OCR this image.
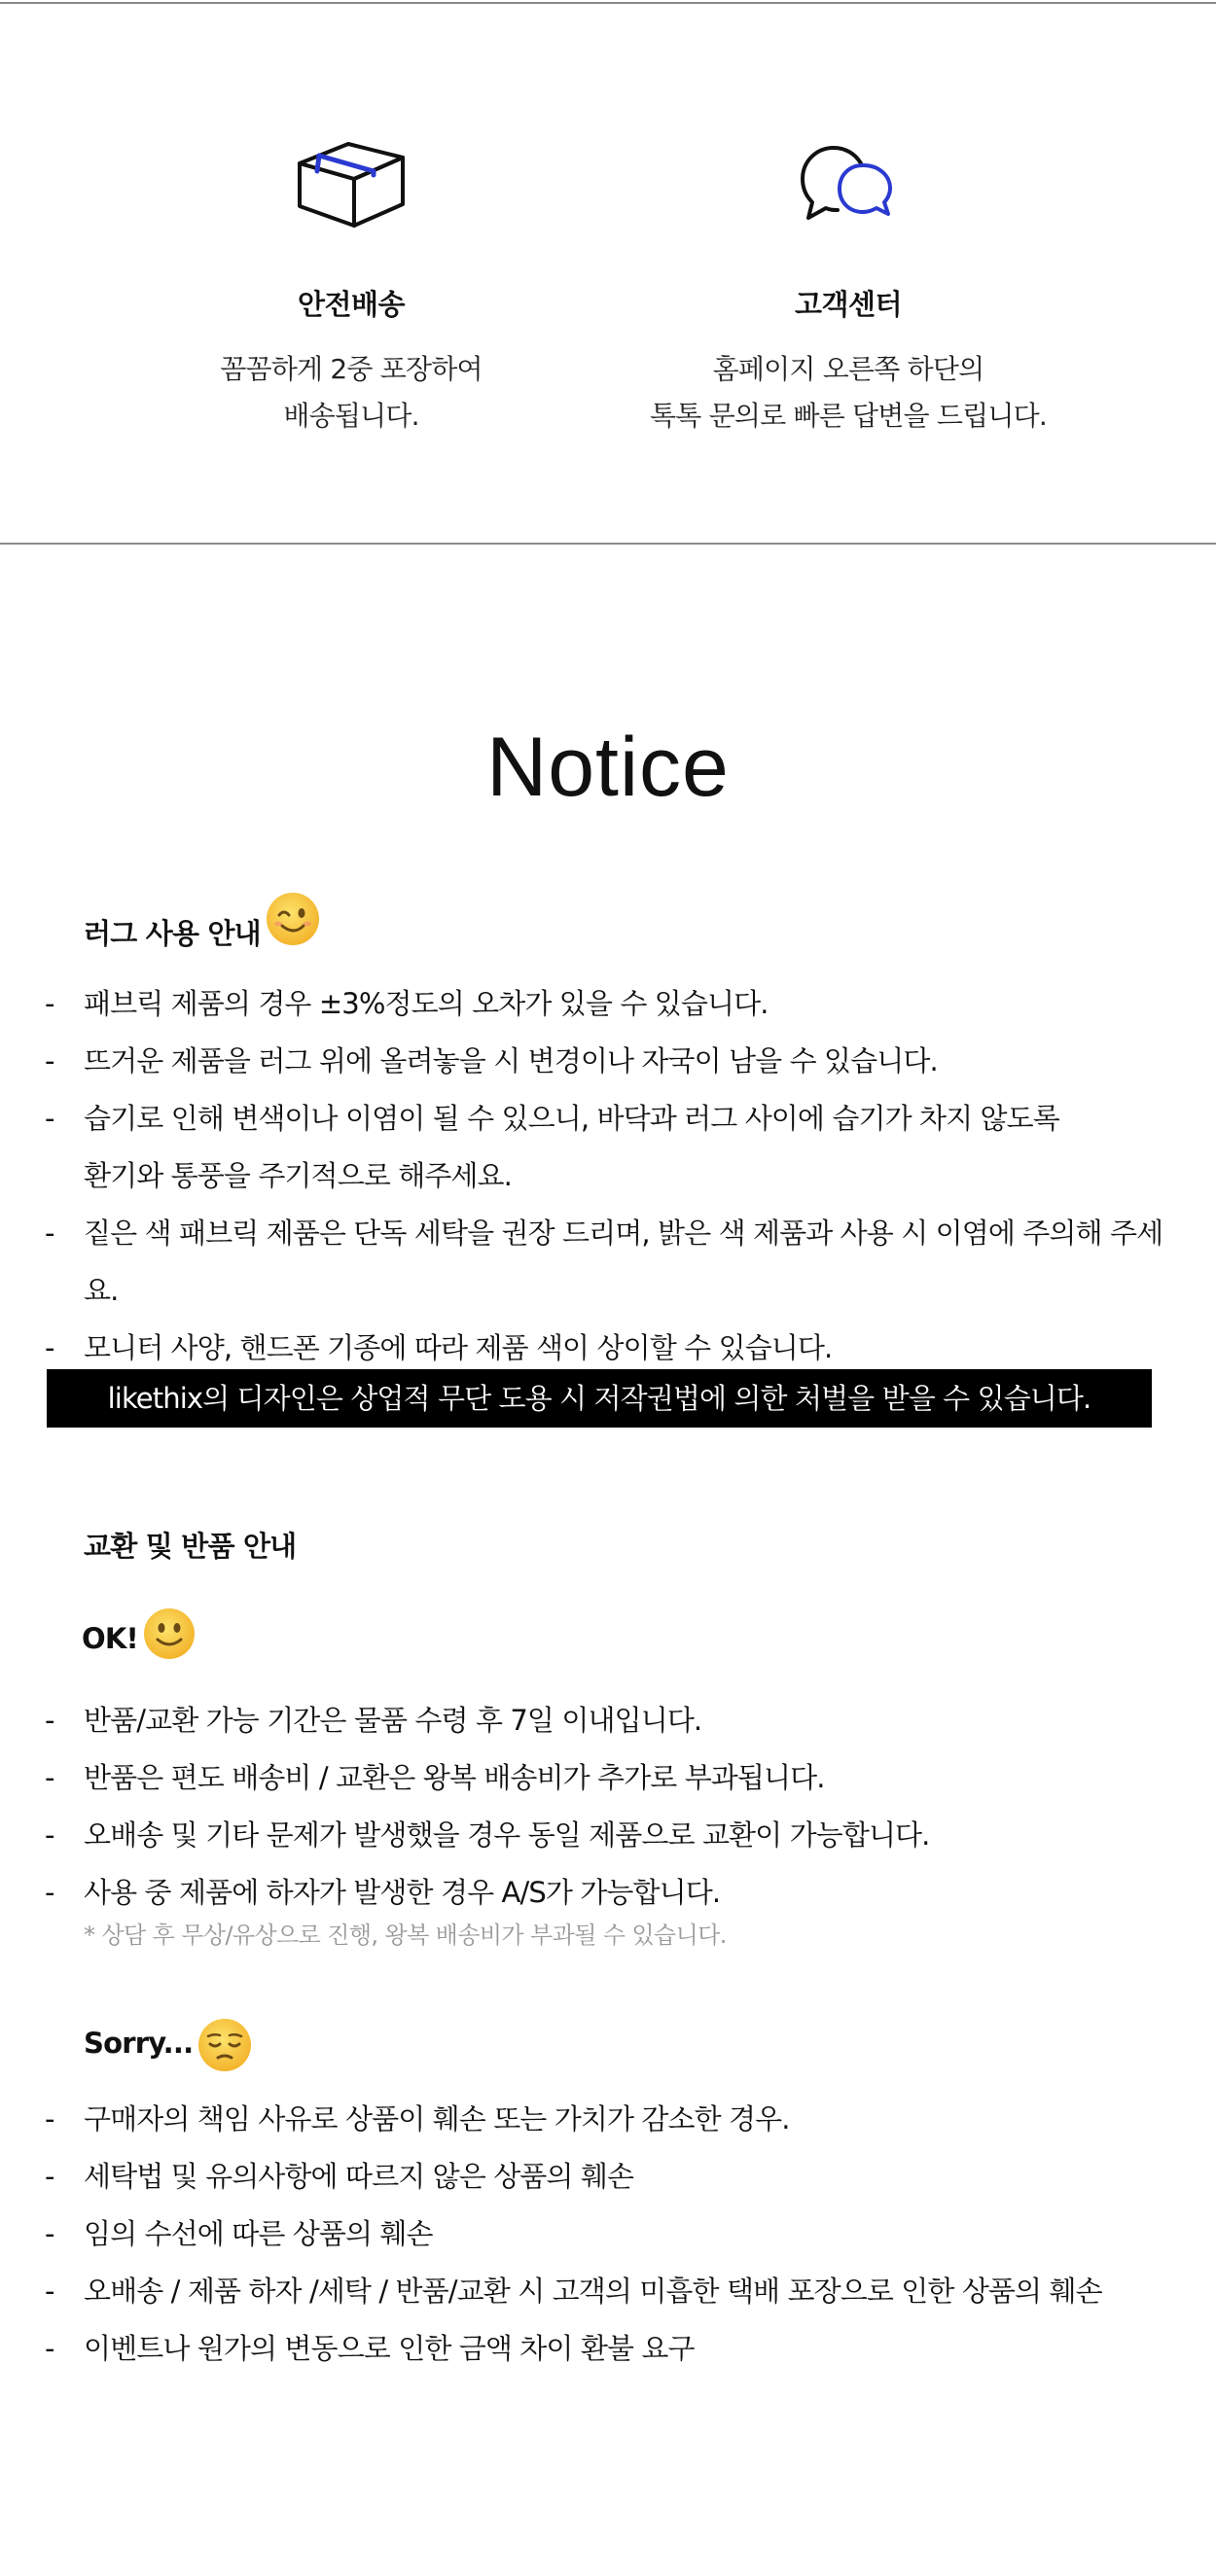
안전배송
꼼꼼하게 2중 포장하여
배송됩니다.
고객센터
홈페이지 오른쪽 하단의
톡톡 문의로 빠른 답변을 드립니다.
Notice
러그 사용 안내
- 패브릭 제품의 경우 ±3%정도의 오차가 있을 수 있습니다.
- 뜨거운 제품을 러그 위에 올려놓을 시 변경이나 자국이 남을 수 있습니다.
- 습기로 인해 변색이나 이염이 될 수 있으니, 바닥과 러그 사이에 습기가 차지 않도록
환기와 통풍을 주기적으로 해주세요.
- 짙은 색 패브릭 제품은 단독 세탁을 권장 드리며, 밝은 색 제품과 사용 시 이염에 주의해 주세요.
- 모니터 사양, 핸드폰 기종에 따라 제품 색이 상이할 수 있습니다.
likethix의 디자인은 상업적 무단 도용 시 저작권법에 의한 처벌을 받을 수 있습니다.
교환 및 반품 안내
OK!
- 반품/교환 가능 기간은 물품 수령 후 7일 이내입니다.
- 반품은 편도 배송비 / 교환은 왕복 배송비가 추가로 부과됩니다.
- 오배송 및 기타 문제가 발생했을 경우 동일 제품으로 교환이 가능합니다.
- 사용 중 제품에 하자가 발생한 경우 A/S가 가능합니다.
* 상담 후 무상/유상으로 진행, 왕복 배송비가 부과될 수 있습니다.
Sorry...
- 구매자의 책임 사유로 상품이 훼손 또는 가치가 감소한 경우.
- 세탁법 및 유의사항에 따르지 않은 상품의 훼손
- 임의 수선에 따른 상품의 훼손
- 오배송 / 제품 하자 /세탁 / 반품/교환 시 고객의 미흡한 택배 포장으로 인한 상품의 훼손
- 이벤트나 원가의 변동으로 인한 금액 차이 환불 요구
